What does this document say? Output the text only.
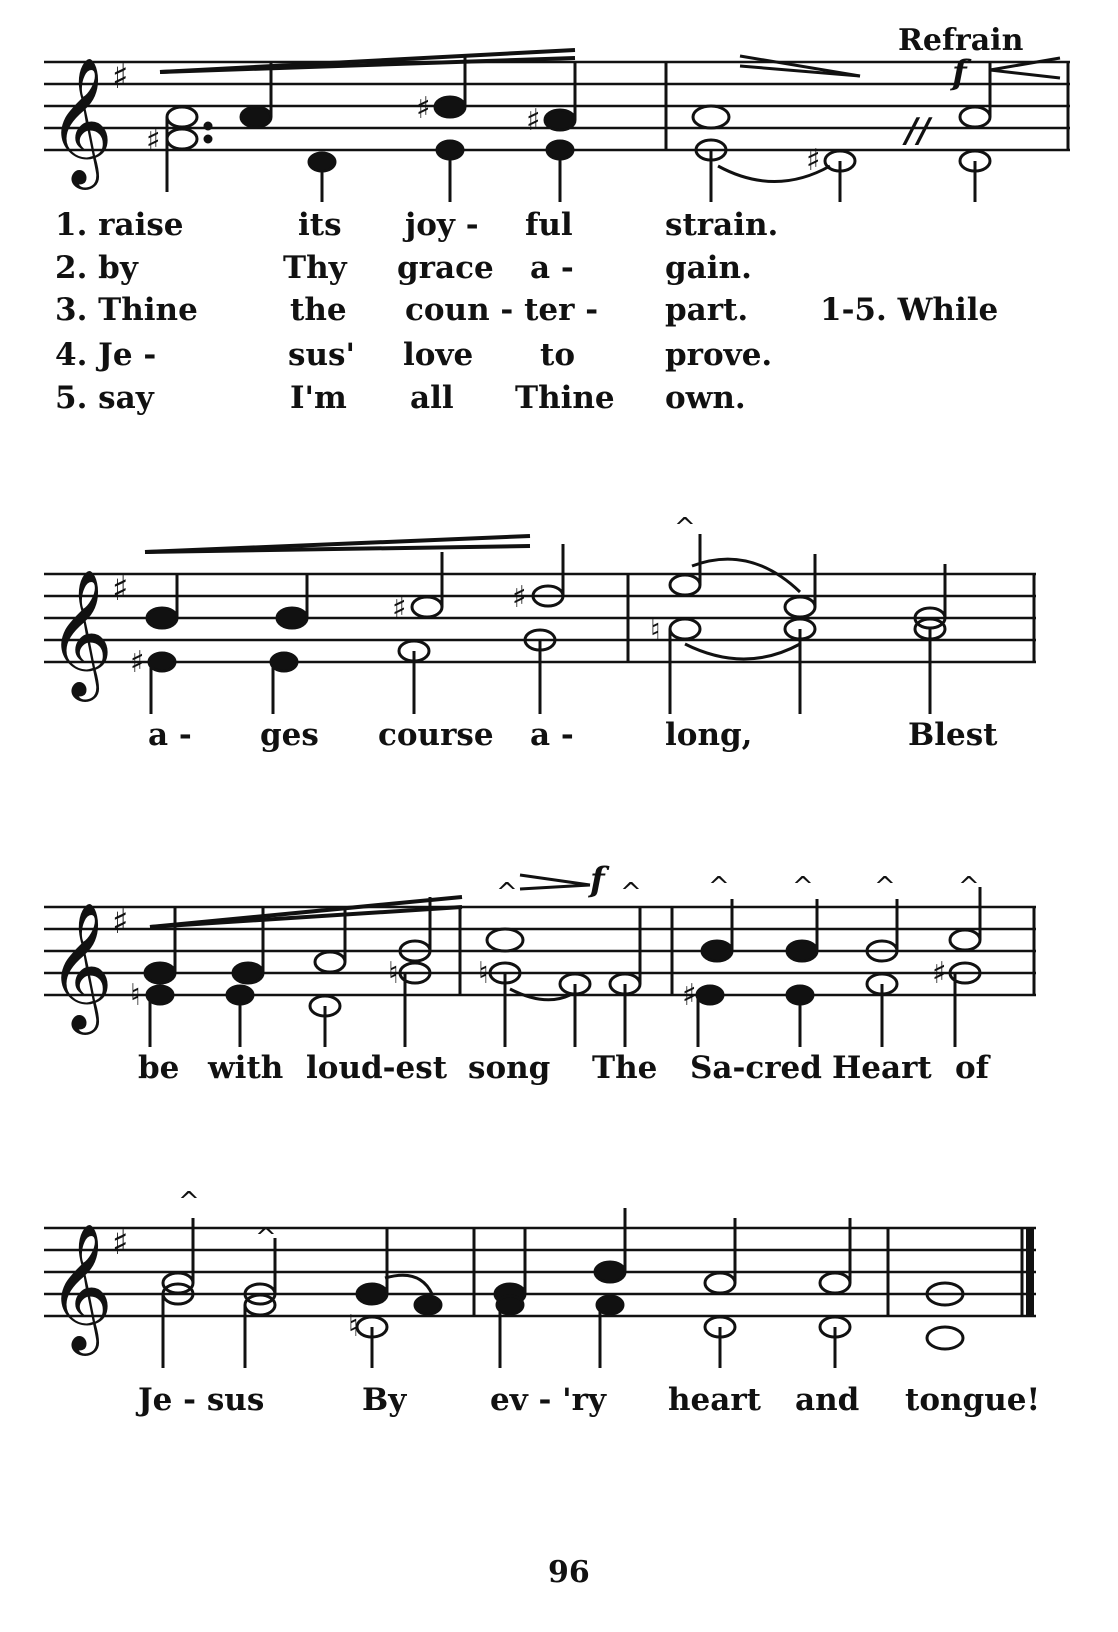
𝄞
♯
♯
♯	♯
♯
//
f
Refrain
1. raise	its joy - ful	strain.
2. by	Thy grace a -	gain.
3. Thine	the coun - ter - part. 1-5. While
4. Je -	sus' love to	prove.
5. say	I'm all Thine own.
𝄞
♯
♯
♯	♯
♮
^
a - ges course a -	long,	Blest
𝄞
♯
♮
♮	♮
♯
♯
f
^	^	^ ^ ^ ^
be with loud-est song The Sa-cred Heart of
𝄞
♯
♮
^
^
Je - sus	By	ev - 'ry heart and tongue!
96
